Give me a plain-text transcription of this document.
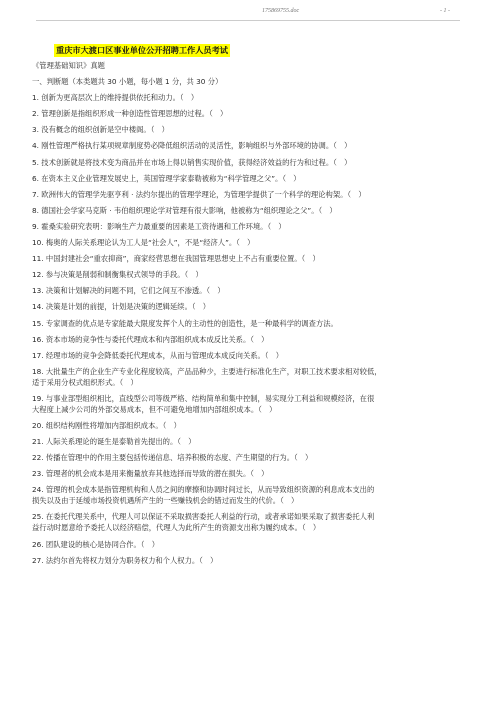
175869755.doc	- 1 -
重庆市大渡口区事业单位公开招聘工作人员考试
《管理基础知识》真题
一、判断题（本类题共 30 小题，每小题 1 分，共 30 分）
1. 创新为更高层次上的维持提供依托和动力。（　）
2. 管理创新是指组织形成一种创造性管理思想的过程。（　）
3. 没有概念的组织创新是空中楼阁。（　）
4. 刚性管理严格执行某项规章制度势必降低组织活动的灵活性，影响组织与外部环境的协调。（　）
5. 技术创新就是将技术变为商品并在市场上得以销售实现价值，获得经济效益的行为和过程。（　）
6. 在资本主义企业管理发展史上，英国管理学家泰勒被称为“科学管理之父”。（　）
7. 欧洲伟大的管理学先驱亨利 · 法约尔提出的管理学理论，为管理学提供了一个科学的理论构架。（　）
8. 德国社会学家马克斯 · 韦伯组织理论学对管理有很大影响，他被称为“组织理论之父”。（　）
9. 霍桑实验研究表明：影响生产力最重要的因素是工资待遇和工作环境。（　）
10. 梅奥的人际关系理论认为工人是“社会人”，不是“经济人”。（　）
11. 中国封建社会“重农抑商”，商家经营思想在我国管理思想史上不占有重要位置。（　）
12. 参与决策是削弱和制衡集权式领导的手段。（　）
13. 决策和计划解决的问题不同，它们之间互不渗透。（　）
14. 决策是计划的前提，计划是决策的逻辑延续。（　）
15. 专家调查的优点是专家能最大限度发挥个人的主动性的创造性，是一种最科学的调查方法。
16. 资本市场的竞争性与委托代理成本和内部组织成本成反比关系。（　）
17. 经理市场的竞争会降低委托代理成本，从而与管理成本成反向关系。（　）
18. 大批量生产的企业生产专业化程度较高，产品品种少，主要进行标准化生产，对职工技术要求相对较低，
适于采用分权式组织形式。（　）
19. 与事业部型组织相比，直线型公司等级严格、结构简单和集中控制，易实现分工利益和规模经济，在很
大程度上减少公司的外部交易成本，但不可避免地增加内部组织成本。（　）
20. 组织结构刚性将增加内部组织成本。（　）
21. 人际关系理论的诞生是泰勒首先提出的。（　）
22. 传播在管理中的作用主要包括传递信息、培养积极的态度、产生期望的行为。（　）
23. 管理者的机会成本是用来衡量放弃其他选择而导致的潜在损失。（　）
24. 管理的机会成本是指管理机构和人员之间的摩擦和协调时间过长，从而导致组织资源的利息成本支出的
损失以及由于延缓市场投资机遇所产生的一些赚钱机会的错过而发生的代价。（　）
25. 在委托代理关系中，代理人可以保证不采取损害委托人利益的行动，或者承诺如果采取了损害委托人利
益行动时愿意给予委托人以经济赔偿，代理人为此所产生的资源支出称为履约成本。（　）
26. 团队建设的核心是协同合作。（　）
27. 法约尔首先将权力划分为职务权力和个人权力。（　）
